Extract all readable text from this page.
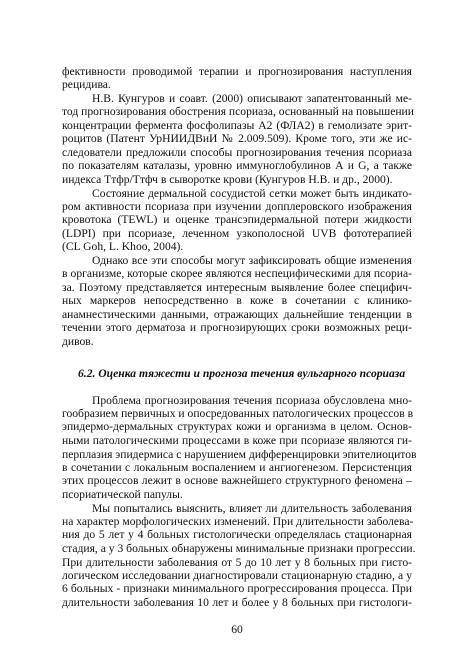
фективности проводимой терапии и прогнозирования наступления
рецидива.
Н.В. Кунгуров и соавт. (2000) описывают запатентованный ме-
тод прогнозирования обострения псориаза, основанный на повышении
концентрации фермента фосфолипазы А2 (ФЛА2) в гемолизате эрит-
роцитов (Патент УрНИИДВиИ № 2.009.509). Кроме того, эти же ис-
следователи предложили способы прогнозирования течения псориаза
по показателям каталазы, уровню иммуноглобулинов А и G, а также
индекса Ттфр/Ттфч в сыворотке крови (Кунгуров Н.В. и др., 2000).
Состояние дермальной сосудистой сетки может быть индикато-
ром активности псориаза при изучении допплеровского изображения
кровотока (TEWL) и оценке трансэпидермальной потери жидкости
(LDPI) при псориазе, леченном узкополосной UVB фототерапией
(CL Goh, L. Khoo, 2004).
Однако все эти способы могут зафиксировать общие изменения
в организме, которые скорее являются неспецифическими для псориа-
за. Поэтому представляется интересным выявление более специфич-
ных маркеров непосредственно в коже в сочетании с клинико-
анамнестическими данными, отражающих дальнейшие тенденции в
течении этого дерматоза и прогнозирующих сроки возможных реци-
дивов.
6.2. Оценка тяжести и прогноза течения вульгарного псориаза
Проблема прогнозирования течения псориаза обусловлена мно-
гообразием первичных и опосредованных патологических процессов в
эпидермо-дермальных структурах кожи и организма в целом. Основ-
ными патологическими процессами в коже при псориазе являются ги-
перплазия эпидермиса с нарушением дифференцировки эпителиоцитов
в сочетании с локальным воспалением и ангиогенезом. Персистенция
этих процессов лежит в основе важнейшего структурного феномена –
псориатической папулы.
Мы попытались выяснить, влияет ли длительность заболевания
на характер морфологических изменений. При длительности заболева-
ния до 5 лет у 4 больных гистологически определялась стационарная
стадия, а у 3 больных обнаружены минимальные признаки прогрессии.
При длительности заболевания от 5 до 10 лет у 8 больных при гисто-
логическом исследовании диагностировали стационарную стадию, а у
6 больных - признаки минимального прогрессирования процесса. При
длительности заболевания 10 лет и более у 8 больных при гистологи-
60
